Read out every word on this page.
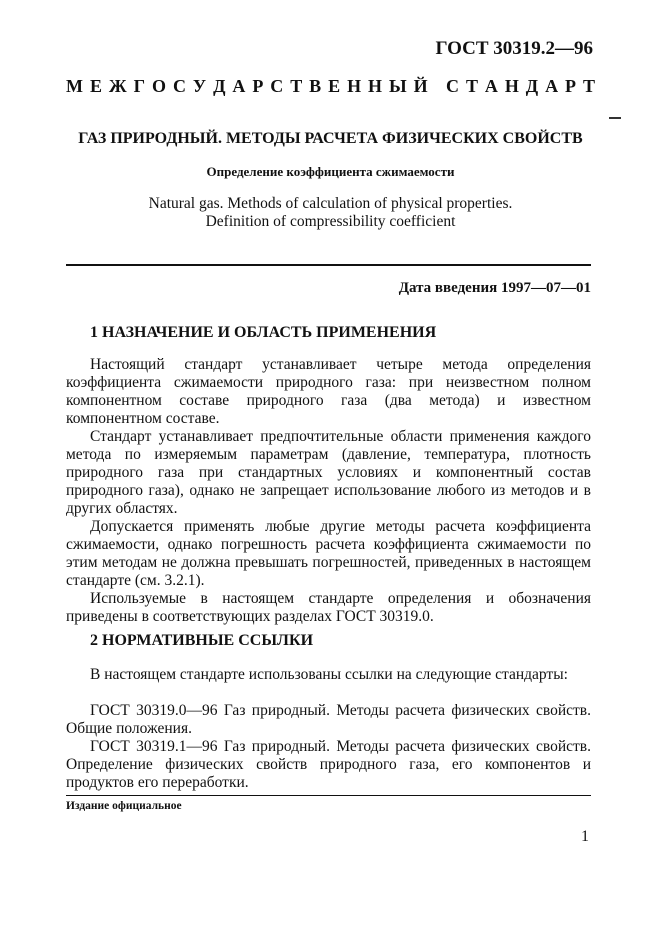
ГОСТ 30319.2—96
М Е Ж Г О С У Д А Р С Т В Е Н Н Ы Й
С Т А Н Д А Р Т
ГАЗ ПРИРОДНЫЙ. МЕТОДЫ РАСЧЕТА ФИЗИЧЕСКИХ СВОЙСТВ
Определение коэффициента сжимаемости
Natural gas. Methods of calculation of physical properties.
Definition of compressibility coefficient
Дата введения 1997—07—01
1 НАЗНАЧЕНИЕ И ОБЛАСТЬ ПРИМЕНЕНИЯ

Настоящий стандарт устанавливает четыре метода определения коэффициента сжимаемости природного газа: при неизвестном полном компонентном составе природного газа (два метода) и известном компонентном составе.

Стандарт устанавливает предпочтительные области применения каждого метода по измеряемым параметрам (давление, температура, плотность природного газа при стандартных условиях и компонентный состав природного газа), однако не запрещает использование любого из методов и в других областях.

Допускается применять любые другие методы расчета коэффициента сжимаемости, однако погрешность расчета коэффициента сжимаемости по этим методам не должна превышать погрешностей, приведенных в настоящем стандарте (см. 3.2.1).

Используемые в настоящем стандарте определения и обозначения приведены в соответствующих разделах ГОСТ 30319.0.

2 НОРМАТИВНЫЕ ССЫЛКИ

В настоящем стандарте использованы ссылки на следующие стандарты:

ГОСТ 30319.0—96 Газ природный. Методы расчета физических свойств. Общие положения.

ГОСТ 30319.1—96 Газ природный. Методы расчета физических свойств. Определение физических свойств природного газа, его компонентов и продуктов его переработки.

Издание официальное
1
